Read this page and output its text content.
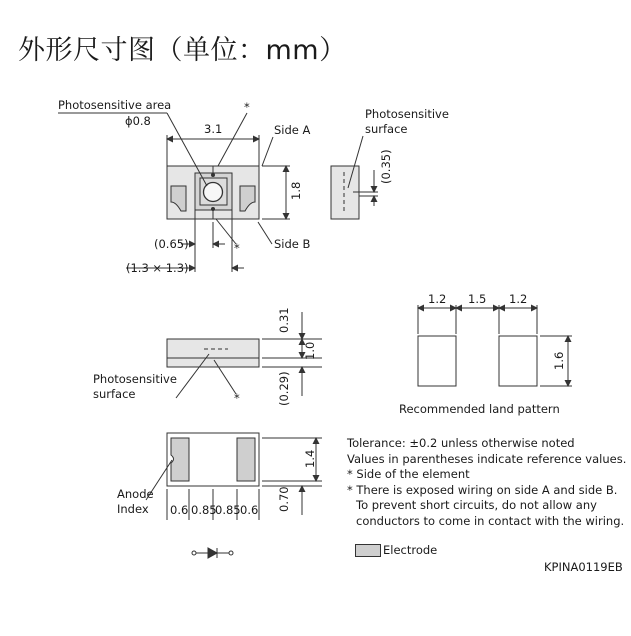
外形尺寸图（单位：mm）
Photosensitive area
ϕ0.8
*
3.1	Side A
1.8
(0.65)	*	Side B
(1.3 × 1.3)
Photosensitive
surface
(0.35)
0.31
1.0
(0.29)
Photosensitive
surface	*
1.2 1.5 1.2
1.6
Recommended land pattern
1.4
0.70
Anode
Index 0.6 0.85
0.85 0.6
Tolerance: ±0.2 unless otherwise noted
Values in parentheses indicate reference values.
* Side of the element
* There is exposed wiring on side A and side B.
To prevent short circuits, do not allow any
conductors to come in contact with the wiring.
Electrode
KPINA0119EB
